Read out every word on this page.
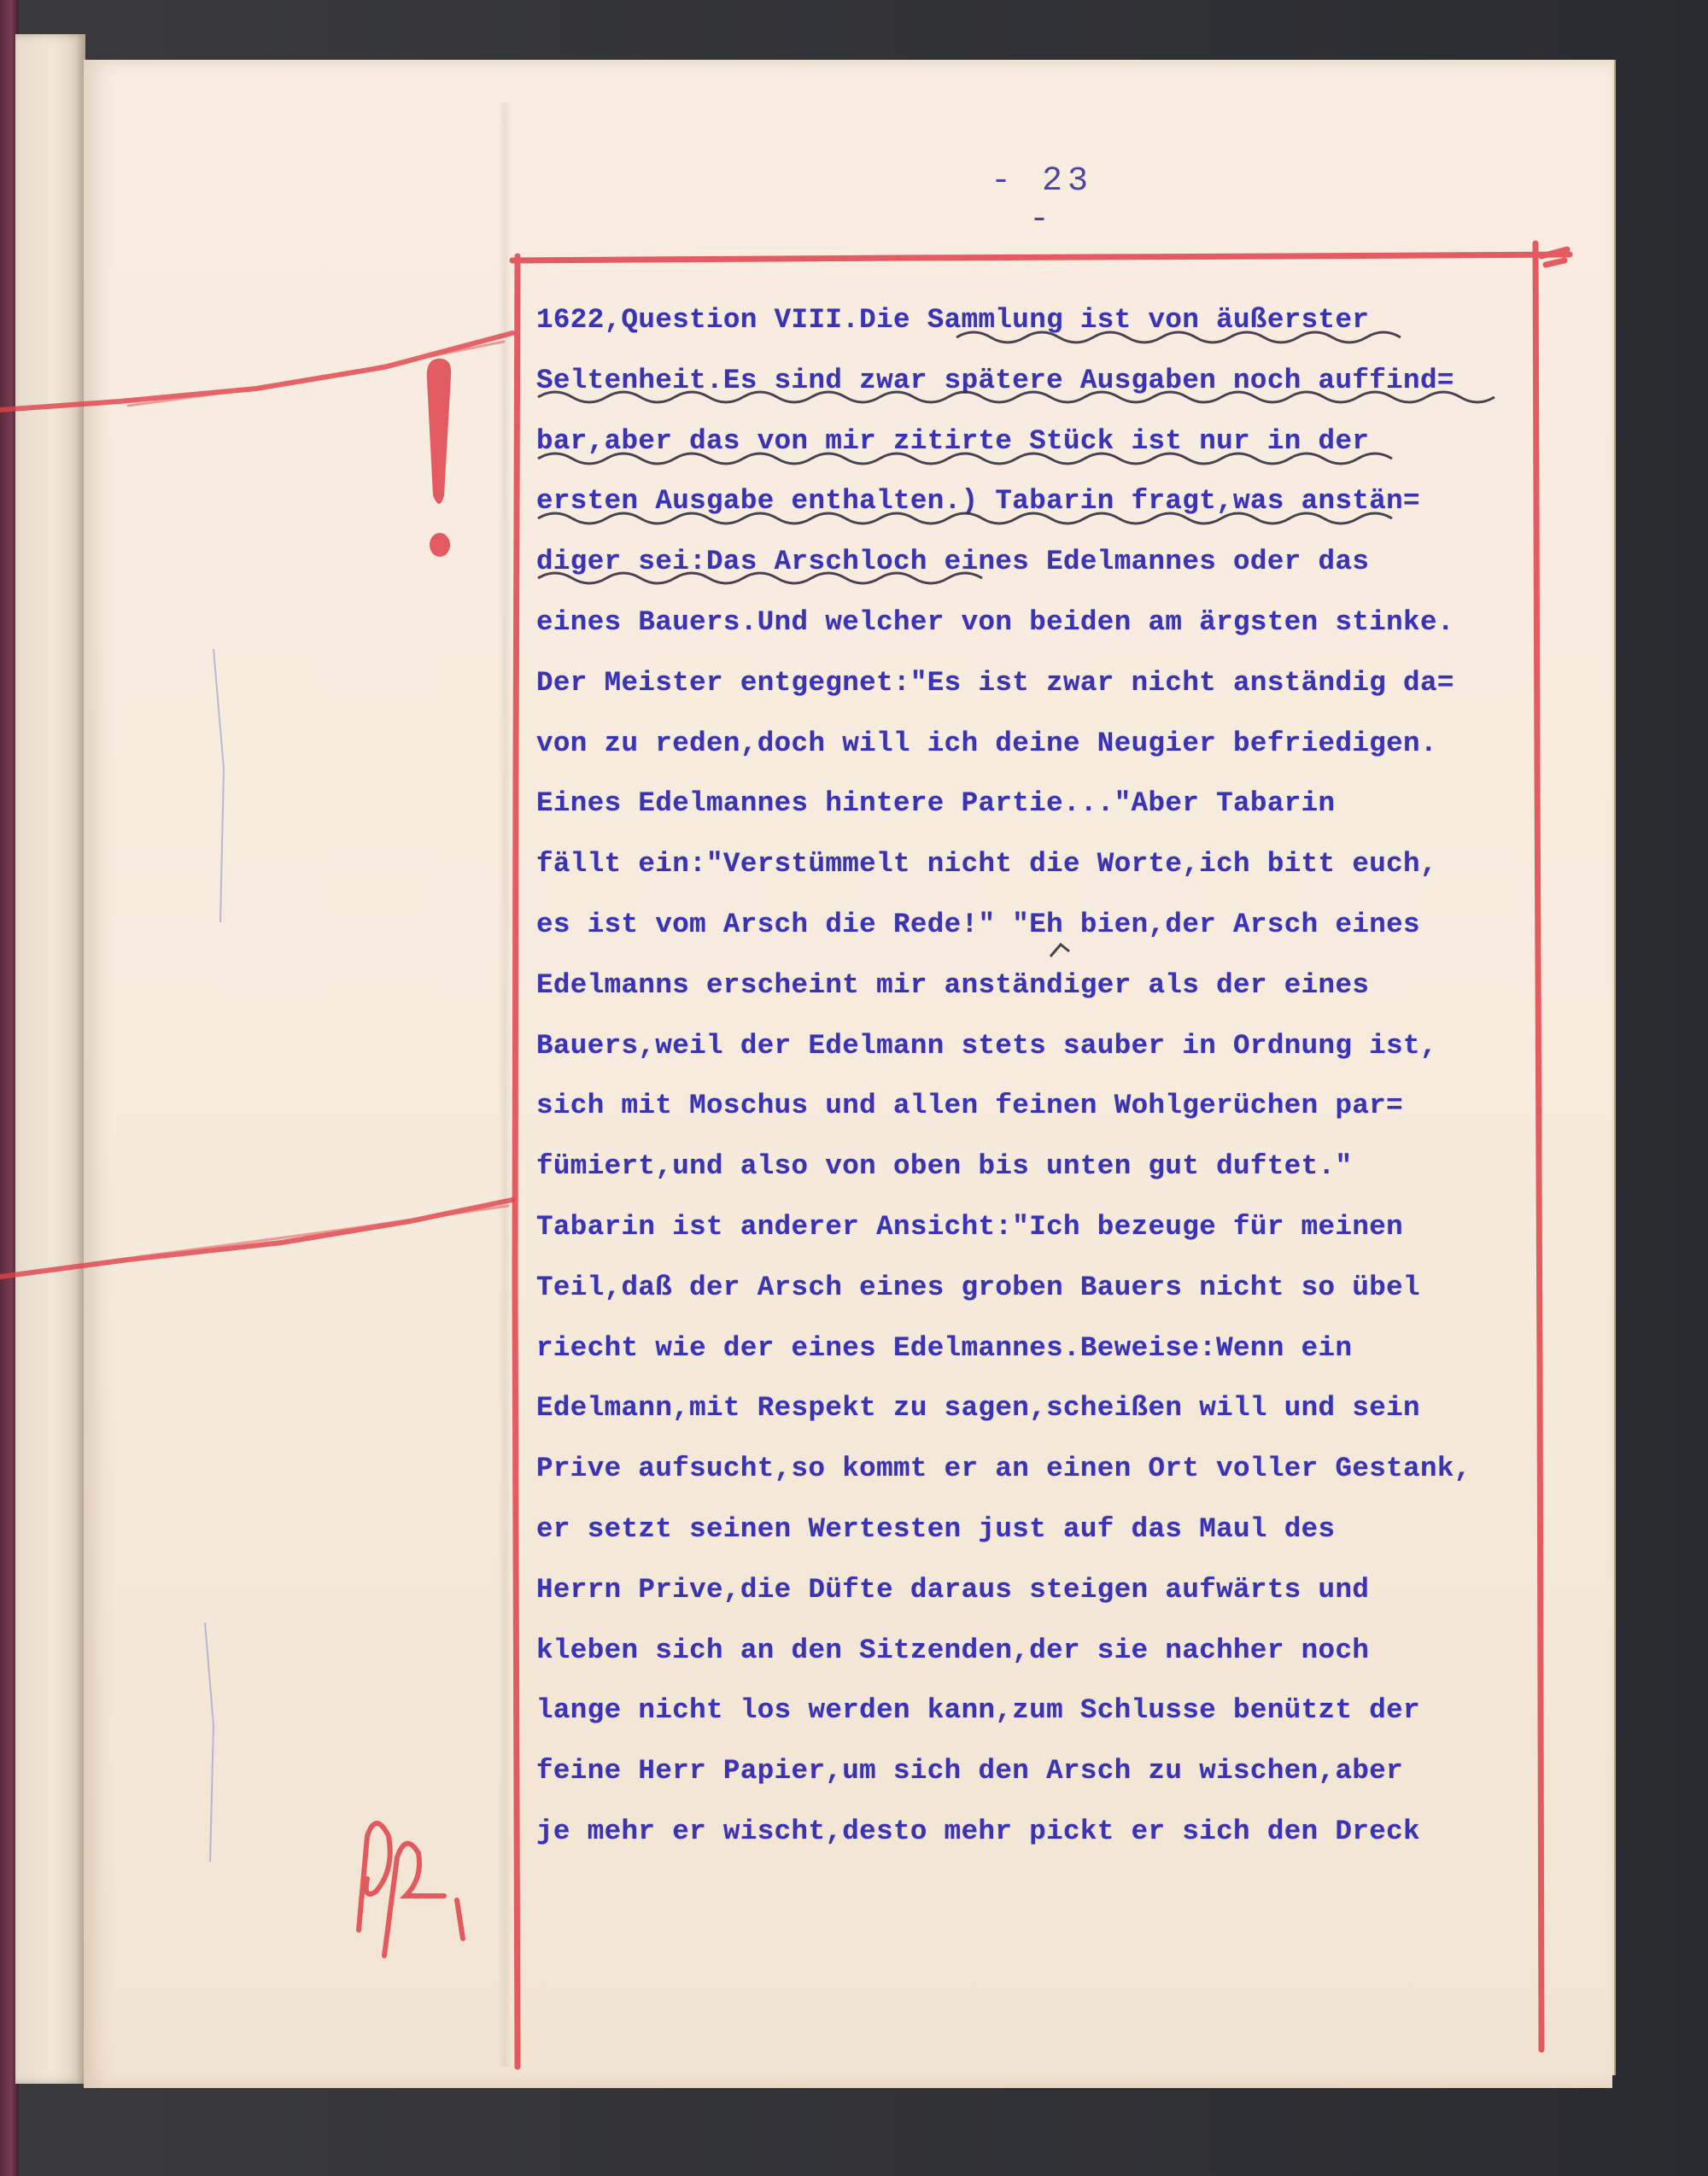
- 23 -
1622,Question VIII.Die Sammlung ist von äußerster
Seltenheit.Es sind zwar spätere Ausgaben noch auffind=
bar,aber das von mir zitirte Stück ist nur in der
ersten Ausgabe enthalten.) Tabarin fragt,was anstän=
diger sei:Das Arschloch eines Edelmannes oder das
eines Bauers.Und welcher von beiden am ärgsten stinke.
Der Meister entgegnet:"Es ist zwar nicht anständig da=
von zu reden,doch will ich deine Neugier befriedigen.
Eines Edelmannes hintere Partie..."Aber Tabarin
fällt ein:"Verstümmelt nicht die Worte,ich bitt euch,
es ist vom Arsch die Rede!" "Eh bien,der Arsch eines
Edelmanns erscheint mir anständiger als der eines
Bauers,weil der Edelmann stets sauber in Ordnung ist,
sich mit Moschus und allen feinen Wohlgerüchen par=
fümiert,und also von oben bis unten gut duftet."
Tabarin ist anderer Ansicht:"Ich bezeuge für meinen
Teil,daß der Arsch eines groben Bauers nicht so übel
riecht wie der eines Edelmannes.Beweise:Wenn ein
Edelmann,mit Respekt zu sagen,scheißen will und sein
Prive aufsucht,so kommt er an einen Ort voller Gestank,
er setzt seinen Wertesten just auf das Maul des
Herrn Prive,die Düfte daraus steigen aufwärts und
kleben sich an den Sitzenden,der sie nachher noch
lange nicht los werden kann,zum Schlusse benützt der
feine Herr Papier,um sich den Arsch zu wischen,aber
je mehr er wischt,desto mehr pickt er sich den Dreck
